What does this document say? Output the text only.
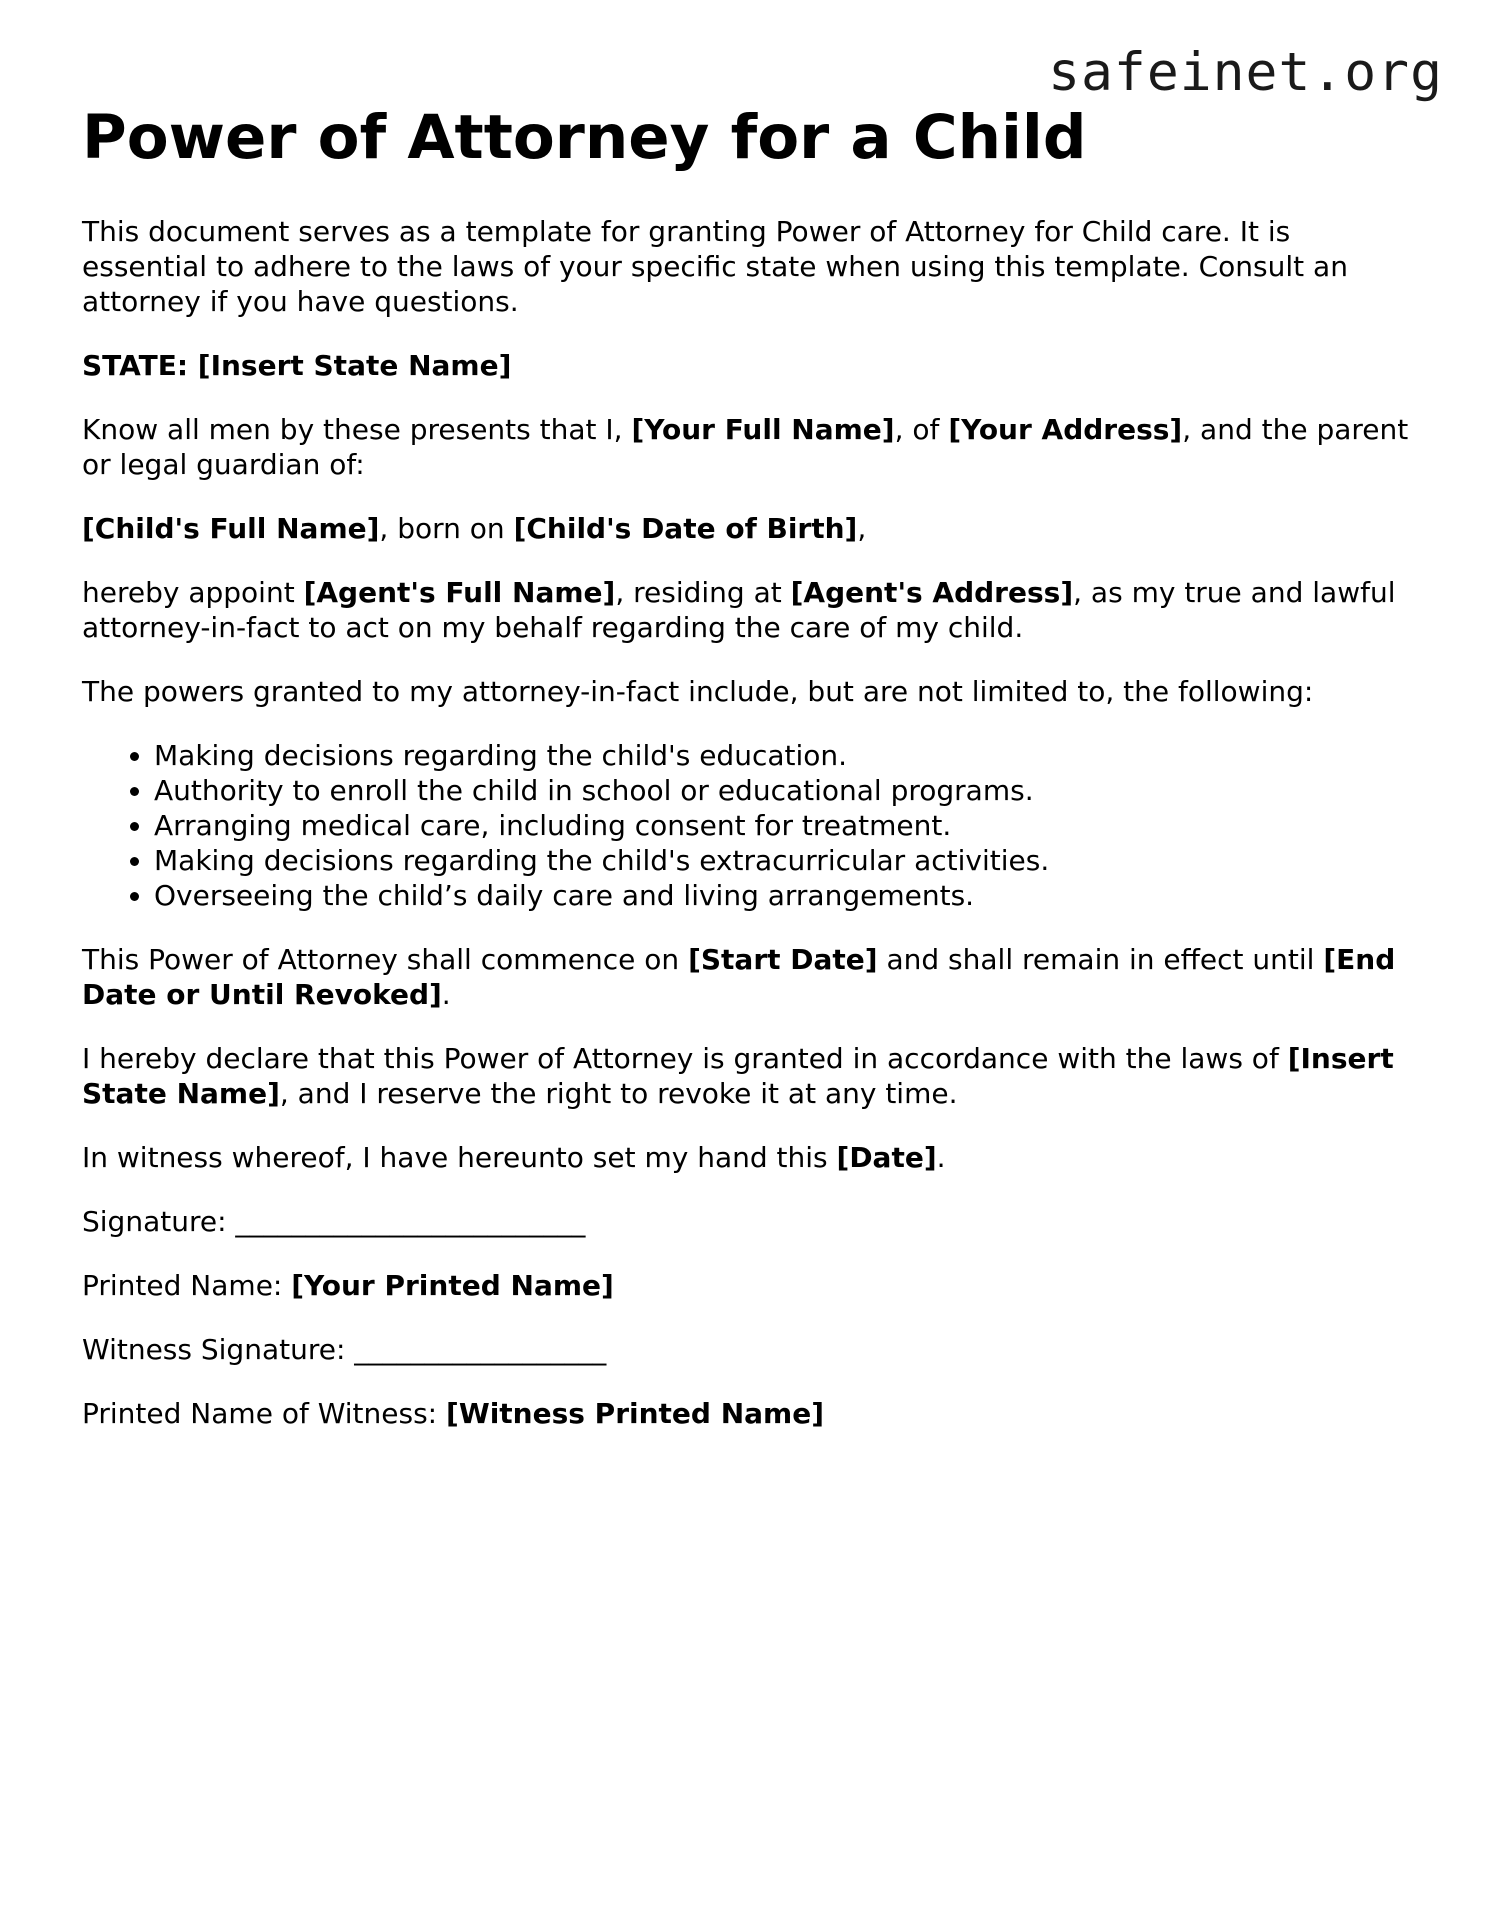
safeinet.org
Power of Attorney for a Child

This document serves as a template for granting Power of Attorney for Child care. It is essential to adhere to the laws of your specific state when using this template. Consult an attorney if you have questions.

STATE: [Insert State Name]

Know all men by these presents that I, [Your Full Name], of [Your Address], and the parent or legal guardian of:

[Child's Full Name], born on [Child's Date of Birth],

hereby appoint [Agent's Full Name], residing at [Agent's Address], as my true and lawful attorney-in-fact to act on my behalf regarding the care of my child.

The powers granted to my attorney-in-fact include, but are not limited to, the following:

• Making decisions regarding the child's education.
• Authority to enroll the child in school or educational programs.
• Arranging medical care, including consent for treatment.
• Making decisions regarding the child's extracurricular activities.
• Overseeing the child’s daily care and living arrangements.

This Power of Attorney shall commence on [Start Date] and shall remain in effect until [End Date or Until Revoked].

I hereby declare that this Power of Attorney is granted in accordance with the laws of [Insert State Name], and I reserve the right to revoke it at any time.

In witness whereof, I have hereunto set my hand this [Date].

Signature: _________________________

Printed Name: [Your Printed Name]

Witness Signature: __________________

Printed Name of Witness: [Witness Printed Name]
